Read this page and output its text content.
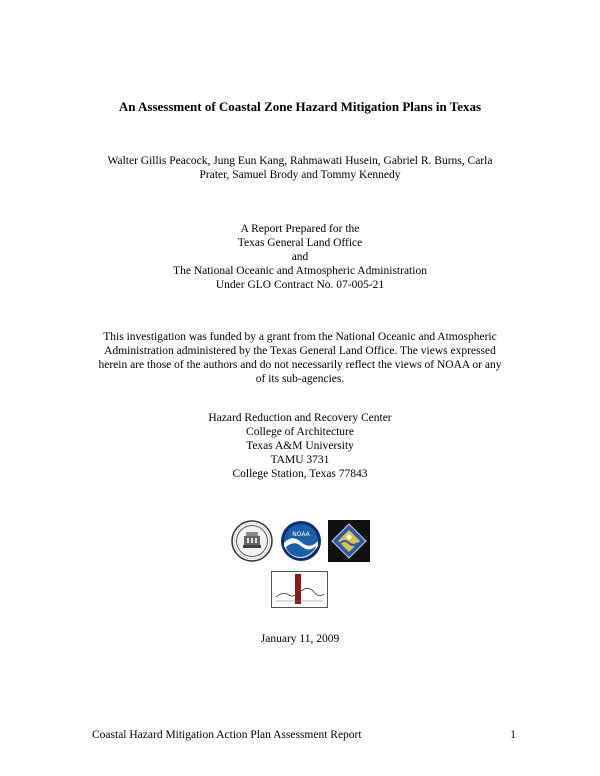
An Assessment of Coastal Zone Hazard Mitigation Plans in Texas
Walter Gillis Peacock, Jung Eun Kang, Rahmawati Husein, Gabriel R. Burns, Carla
Prater, Samuel Brody and Tommy Kennedy
A Report Prepared for the
Texas General Land Office
and
The National Oceanic and Atmospheric Administration
Under GLO Contract No. 07-005-21
This investigation was funded by a grant from the National Oceanic and Atmospheric
Administration administered by the Texas General Land Office. The views expressed
herein are those of the authors and do not necessarily reflect the views of NOAA or any
of its sub-agencies.
Hazard Reduction and Recovery Center
College of Architecture
Texas A&M University
TAMU 3731
College Station, Texas 77843
NOAA
January 11, 2009
Coastal Hazard Mitigation Action Plan Assessment Report	1
